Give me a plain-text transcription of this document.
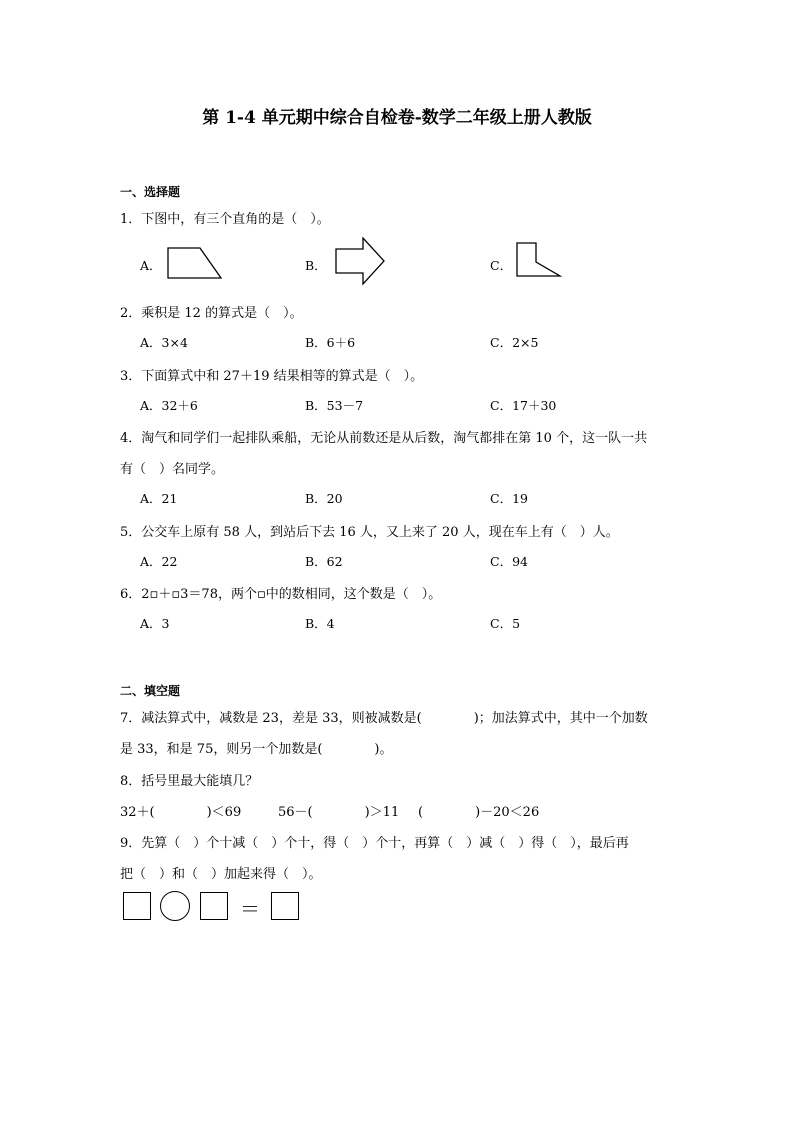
第 1-4 单元期中综合自检卷-数学二年级上册人教版
一、选择题
1．下图中，有三个直角的是（　）。
A．	B．	C．
2．乘积是 12 的算式是（　）。
A．3×4	B．6＋6	C．2×5
3．下面算式中和 27＋19 结果相等的算式是（　）。
A．32＋6	B．53－7	C．17＋30
4．淘气和同学们一起排队乘船，无论从前数还是从后数，淘气都排在第 10 个，这一队一共
有（　）名同学。
A．21	B．20	C．19
5．公交车上原有 58 人，到站后下去 16 人，又上来了 20 人，现在车上有（　）人。
A．22	B．62	C．94
6．2▫＋▫3＝78，两个▫中的数相同，这个数是（　）。
A．3	B．4	C．5
二、填空题
7．减法算式中，减数是 23，差是 33，则被减数是(　　　　)；加法算式中，其中一个加数
是 33，和是 75，则另一个加数是(　　　　)。
8．括号里最大能填几？
32＋(　　　　)＜69	56－(　　　　)＞11 (　　　　)－20＜26
9．先算（　）个十减（　）个十，得（　）个十，再算（　）减（　）得（　），最后再
把（　）和（　）加起来得（　）。
＝
